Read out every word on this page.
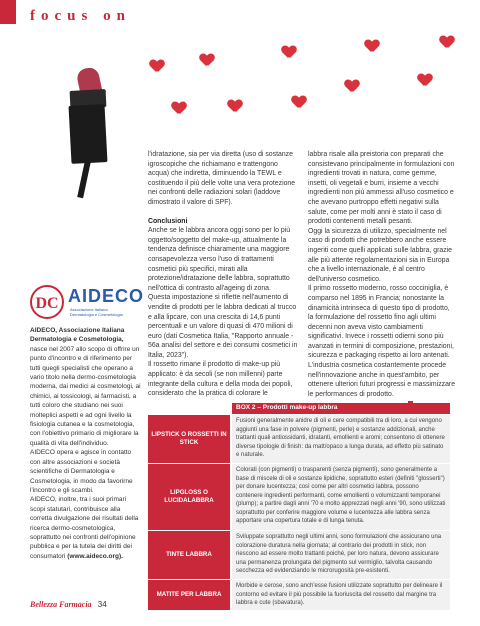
focus on

l'idratazione, sia per via diretta (uso di sostanze igroscopiche che richiamano e trattengono acqua) che indiretta, diminuendo la TEWL e costituendo il più delle volte una vera protezione nei confronti delle radiazioni solari (laddove dimostrato il valore di SPF).

Conclusioni

Anche se le labbra ancora oggi sono per lo più oggetto/soggetto del make-up, attualmente la tendenza definisce chiaramente una maggiore consapevolezza verso l'uso di trattamenti cosmetici più specifici, mirati alla protezione/idratazione delle labbra, soprattutto nell'ottica di contrasto all'ageing di zona.

Questa impostazione si riflette nell'aumento di vendite di prodotti per le labbra dedicati al trucco e alla lipcare, con una crescita di 14,6 punti percentuali e un valore di quasi di 470 milioni di euro (dati Cosmetica Italia, "Rapporto annuale - 56a analisi del settore e dei consumi cosmetici in Italia, 2023").

Il rossetto rimane il prodotto di make-up più applicato: è da secoli (se non millenni) parte integrante della cultura e della moda dei popoli, considerato che la pratica di colorare le

labbra risale alla preistoria con preparati che consistevano principalmente in formulazioni con ingredienti trovati in natura, come gemme, insetti, oli vegetali e burri, insieme a vecchi ingredienti non più ammessi all'uso cosmetico e che avevano purtroppo effetti negativi sulla salute, come per molti anni è stato il caso di prodotti contenenti metalli pesanti.

Oggi la sicurezza di utilizzo, specialmente nel caso di prodotti che potrebbero anche essere ingeriti come quelli applicati sulle labbra, grazie alle più attente regolamentazioni sia in Europa che a livello internazionale, è al centro dell'universo cosmetico.

Il primo rossetto moderno, rosso cocciniglia, è comparso nel 1895 in Francia; nonostante la dinamicità intrinseca di questo tipo di prodotto, la formulazione del rossetto fino agli ultimi decenni non aveva visto cambiamenti significativi. Invece i rossetti odierni sono più avanzati in termini di composizione, prestazioni, sicurezza e packaging rispetto ai loro antenati. L'industria cosmetica costantemente procede nell'innovazione anche in quest'ambito, per ottenere ulteriori futuri progressi e massimizzare le performances di prodotto.

DC AIDECO
Associazione Italiana
Dermatologia e Cosmetologia

AIDECO, Associazione Italiana Dermatologia e Cosmetologia,

nasce nel 2007 allo scopo di offrire un punto d'incontro e di riferimento per tutti quegli specialisti che operano a vario titolo nella dermo-cosmetologia moderna, dai medici ai cosmetologi, ai chimici, ai tossicologi, ai farmacisti, a tutti coloro che studiano nei suoi molteplici aspetti e ad ogni livello la fisiologia cutanea e la cosmetologia, con l'obiettivo primario di migliorare la qualità di vita dell'individuo.

AIDECO opera e agisce in contatto con altre associazioni e società scientifiche di Dermatologia e Cosmetologia, in modo da favorirne l'incontro e gli scambi.

AIDECO, inoltre, tra i suoi primari scopi statutari, contribuisce alla corretta divulgazione dei risultati della ricerca dermo-cosmetologica, soprattutto nei confronti dell'opinione pubblica e per la tutela dei diritti dei consumatori (www.aideco.org).

BOX 2 – Prodotti make-up labbra
LIPSTICK O ROSSETTI IN STICK
Fusioni generalmente anidre di oli e cere compatibili tra di loro, a cui vengono aggiunti una fase in polvere (pigmenti, perle) e sostanze addizionali, anche trattanti quali antiossidanti, idratanti, emollienti e aromi; consentono di ottenere diverse tipologie di finish: da matt/opaco a lunga durata, ad effetto più satinato e naturale.
LIPGLOSS O LUCIDALABBRA
Colorati (con pigmenti) o trasparenti (senza pigmenti), sono generalmente a base di miscele di oli e sostanze lipidiche, soprattutto esteri (definiti "glosserti") per donare lucentezza; così come per altri cosmetici labbra, possono contenere ingredienti performanti, come emollienti o volumizzanti temporanei (plump); a partire dagli anni '70 e molto apprezzati negli anni '90, sono utilizzati soprattutto per conferire maggiore volume e lucentezza alle labbra senza apportare una copertura totale e di lunga tenuta.
TINTE LABBRA
Sviluppate soprattutto negli ultimi anni, sono formulazioni che assicurano una colorazione duratura nella giornata; al contrario dei prodotti in stick, non riescono ad essere molto trattanti poiché, per loro natura, devono assicurare una permanenza prolungata del pigmento sul vermiglio, talvolta causando secchezza ed evidenziando le microrugosità pre-esistenti.
MATITE PER LABBRA
Morbide e cerose, sono anch'esse fusioni utilizzate soprattutto per delineare il contorno ed evitare il più possibile la fuoriuscita del rossetto dal margine tra labbra e cute (sbavatura).
Bellezza Farmacia 34
